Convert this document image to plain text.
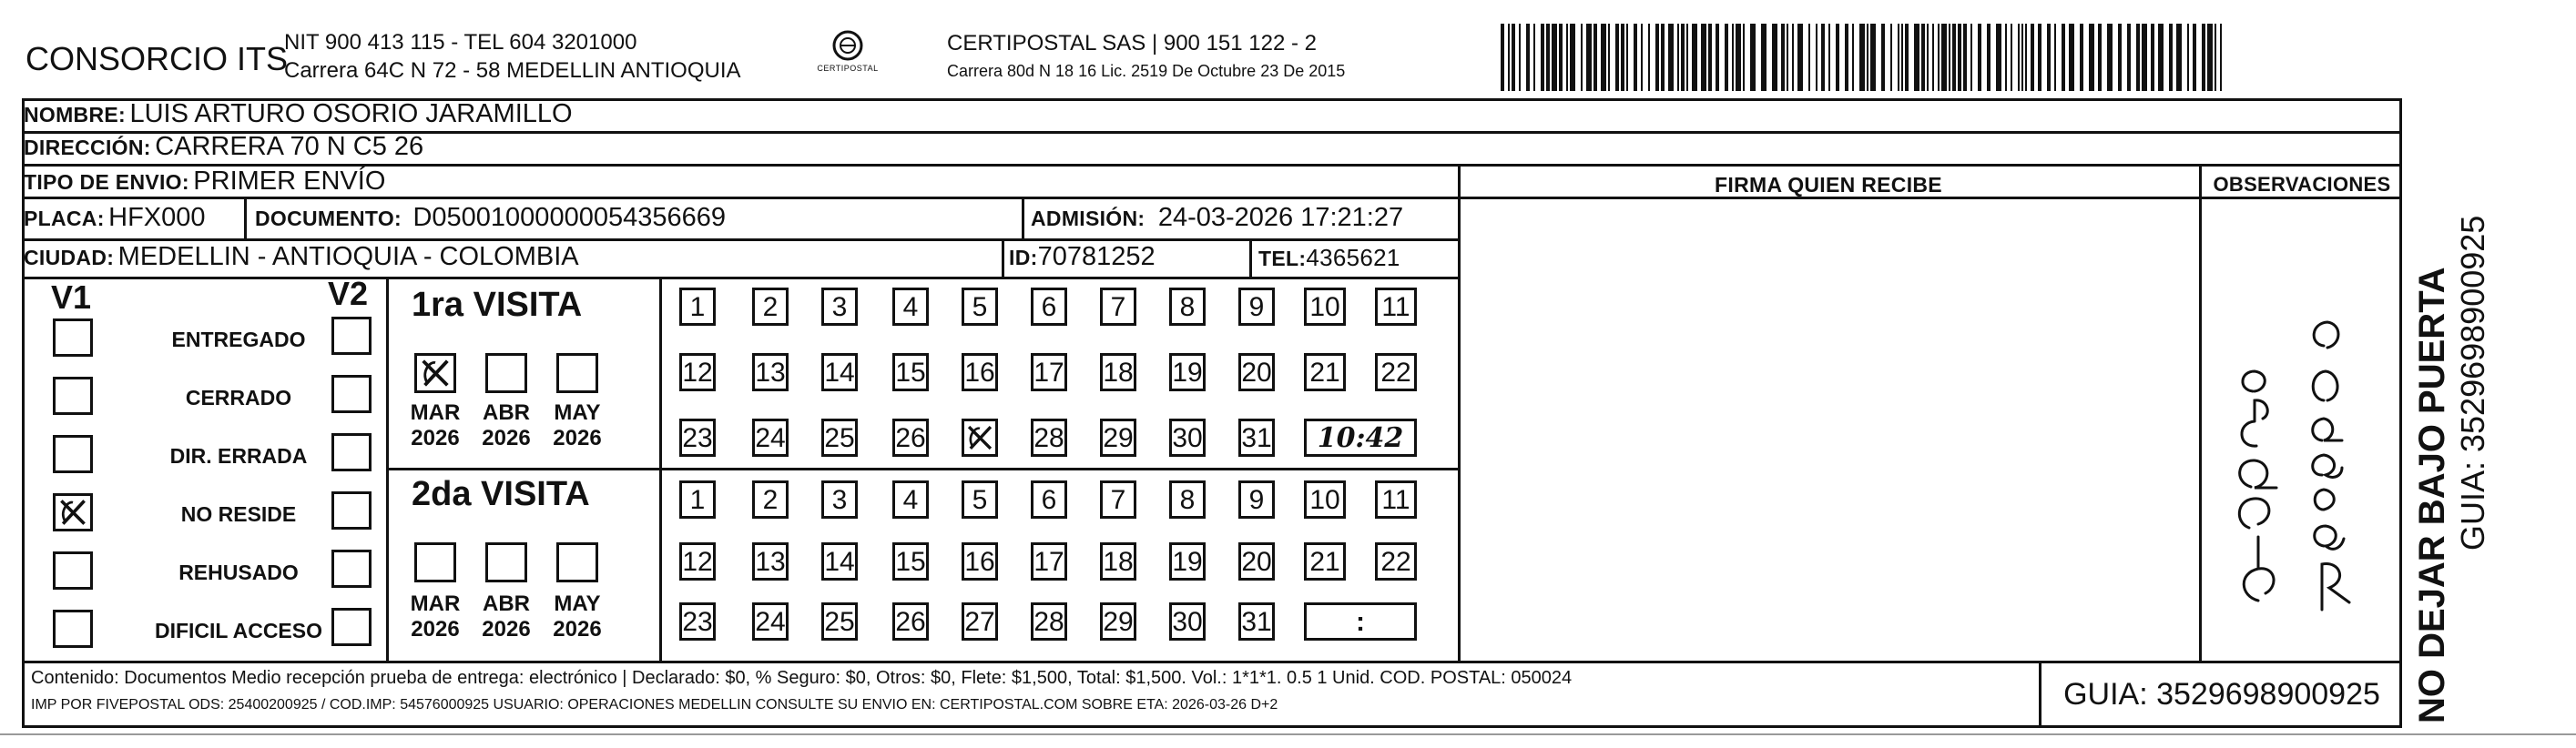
CONSORCIO ITS
NIT 900 413 115 - TEL 604 3201000
Carrera 64C N 72 - 58 MEDELLIN ANTIOQUIA	CERTIPOSTAL
CERTIPOSTAL SAS | 900 151 122 - 2
Carrera 80d N 18 16 Lic. 2519 De Octubre 23 De 2015
NOMBRE: LUIS ARTURO OSORIO JARAMILLO
DIRECCIÓN: CARRERA 70 N C5 26
TIPO DE ENVIO: PRIMER ENVÍO	FIRMA QUIEN RECIBE	OBSERVACIONES
PLACA: HFX000 DOCUMENTO: D05001000000054356669	ADMISIÓN: 24-03-2026 17:21:27
CIUDAD: MEDELLIN - ANTIOQUIA - COLOMBIA	ID:70781252	TEL:4365621
V1	V2
ENTREGADO
CERRADO
DIR. ERRADA
NO RESIDE
REHUSADO
DIFICIL ACCESO
1ra VISITA
2da VISITA
1	2	3	4	5	6	7	8	9	10 11
12 13 14 15 16 17 18 19 20 21 22
23 24 25 26	28 29 30 31	10:42
1	2	3	4	5	6	7	8	9	10 11
12 13 14 15 16 17 18 19 20 21 22
23 24 25 26 27 28 29 30 31	:
MAR
2026
ABR
2026
MAY
2026
MAR
2026
ABR
2026
MAY
2026	NO DEJAR BAJO PUERTA GUIA: 3529698900925
Contenido: Documentos Medio recepción prueba de entrega: electrónico | Declarado: $0, % Seguro: $0, Otros: $0, Flete: $1,500, Total: $1,500. Vol.: 1*1*1. 0.5 1 Unid. COD. POSTAL: 050024
IMP POR FIVEPOSTAL ODS: 25400200925 / COD.IMP: 54576000925 USUARIO: OPERACIONES MEDELLIN CONSULTE SU ENVIO EN: CERTIPOSTAL.COM SOBRE ETA: 2026-03-26 D+2	GUIA: 3529698900925
